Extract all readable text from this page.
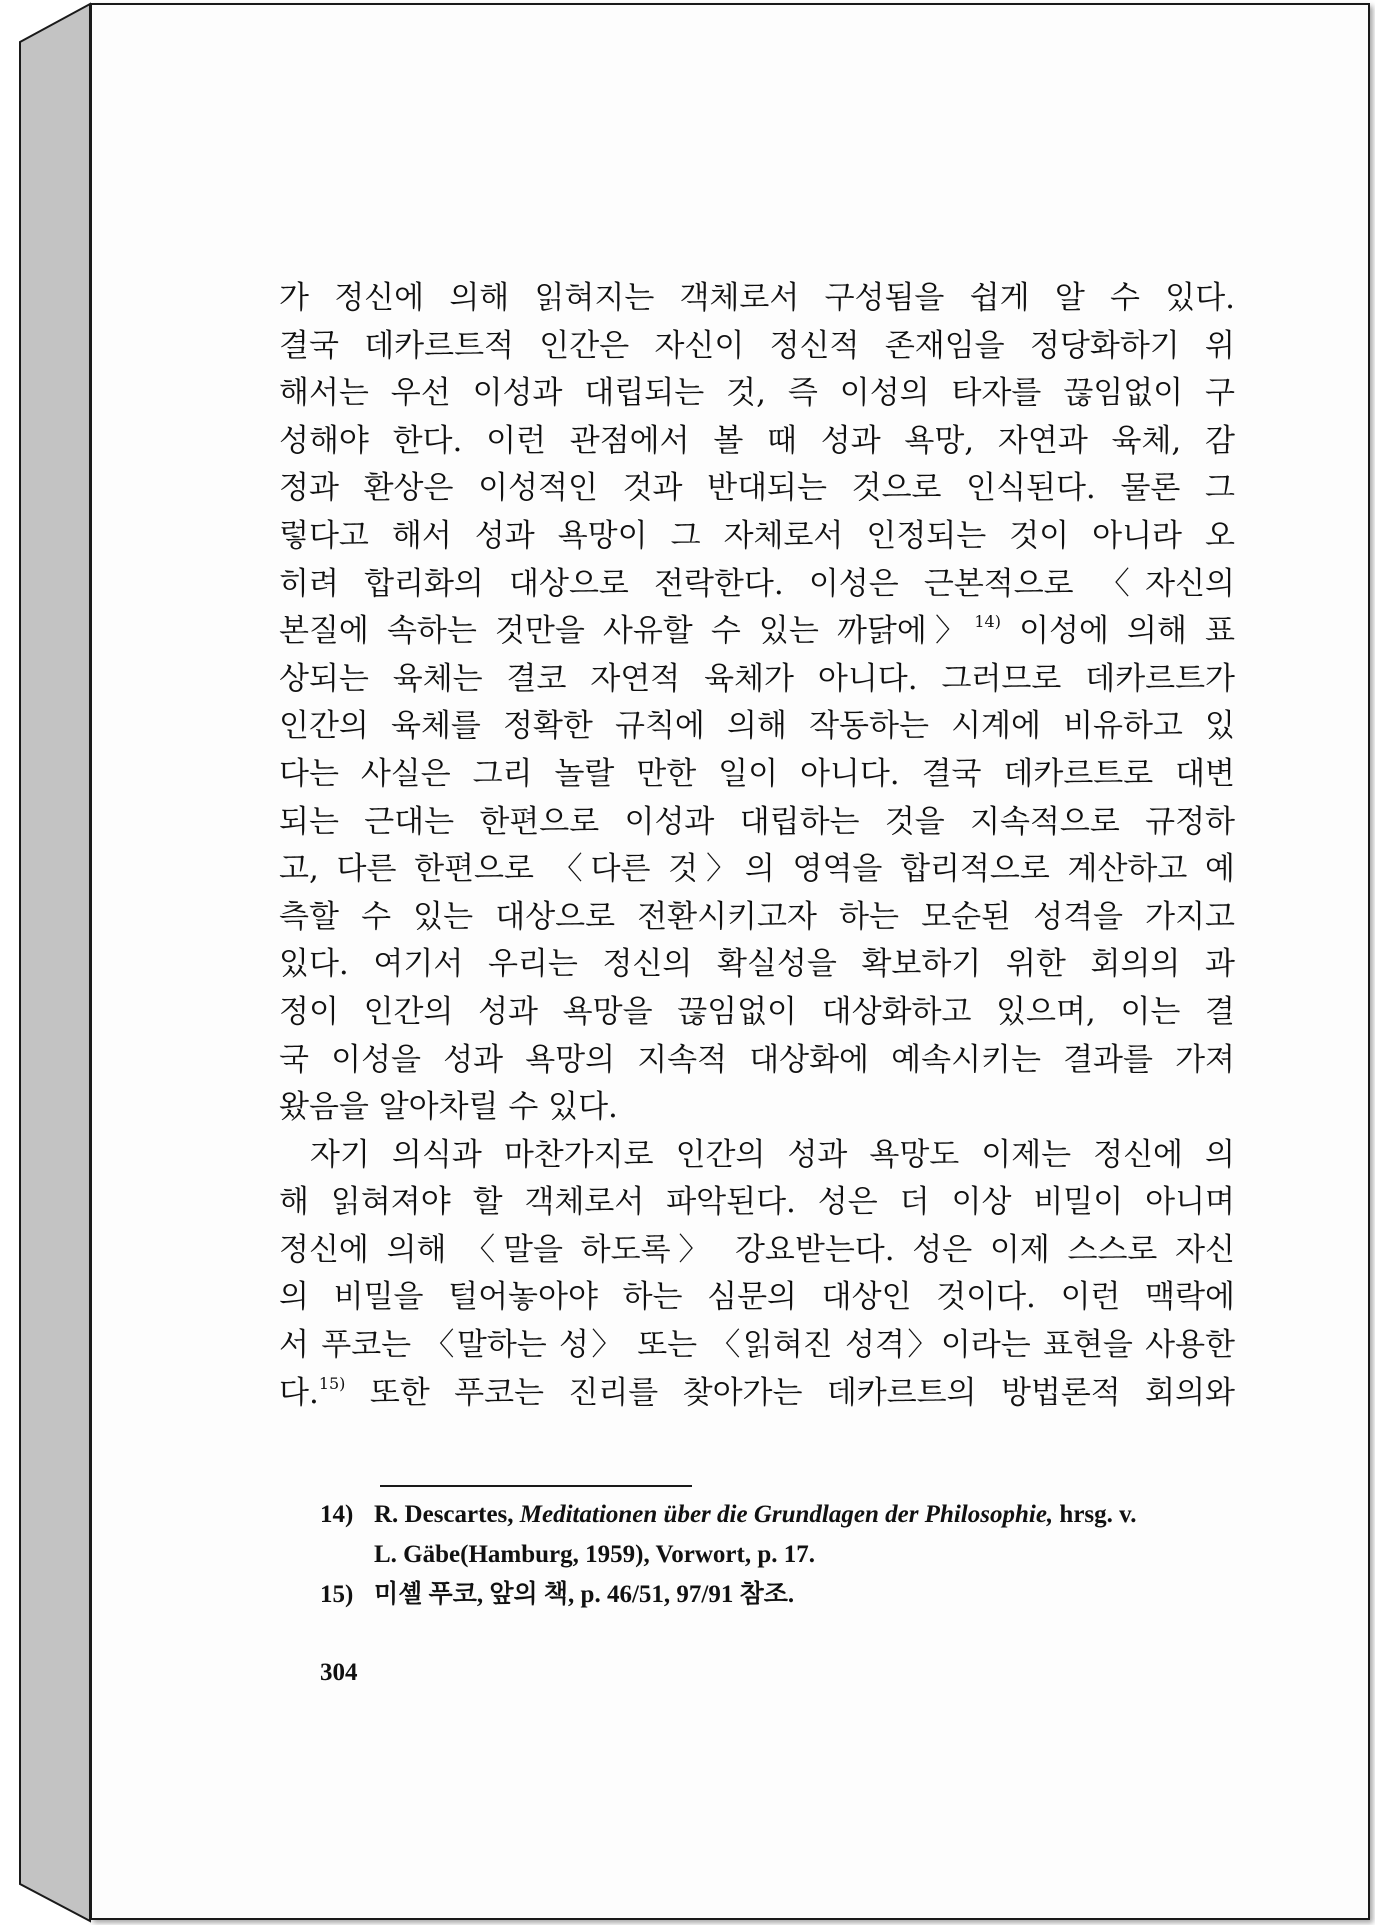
가 정신에 의해 읽혀지는 객체로서 구성됨을 쉽게 알 수 있다.
결국 데카르트적 인간은 자신이 정신적 존재임을 정당화하기 위
해서는 우선 이성과 대립되는 것, 즉 이성의 타자를 끊임없이 구
성해야 한다. 이런 관점에서 볼 때 성과 욕망, 자연과 육체, 감
정과 환상은 이성적인 것과 반대되는 것으로 인식된다. 물론 그
렇다고 해서 성과 욕망이 그 자체로서 인정되는 것이 아니라 오
히려 합리화의 대상으로 전락한다. 이성은 근본적으로 〈자신의
본질에 속하는 것만을 사유할 수 있는 까닭에〉$^{14)}$ 이성에 의해 표
상되는 육체는 결코 자연적 육체가 아니다. 그러므로 데카르트가
인간의 육체를 정확한 규칙에 의해 작동하는 시계에 비유하고 있
다는 사실은 그리 놀랄 만한 일이 아니다. 결국 데카르트로 대변
되는 근대는 한편으로 이성과 대립하는 것을 지속적으로 규정하
고, 다른 한편으로 〈다른 것〉의 영역을 합리적으로 계산하고 예
측할 수 있는 대상으로 전환시키고자 하는 모순된 성격을 가지고
있다. 여기서 우리는 정신의 확실성을 확보하기 위한 회의의 과
정이 인간의 성과 욕망을 끊임없이 대상화하고 있으며, 이는 결
국 이성을 성과 욕망의 지속적 대상화에 예속시키는 결과를 가져
왔음을 알아차릴 수 있다.

자기 의식과 마찬가지로 인간의 성과 욕망도 이제는 정신에 의
해 읽혀져야 할 객체로서 파악된다. 성은 더 이상 비밀이 아니며
정신에 의해 〈말을 하도록〉 강요받는다. 성은 이제 스스로 자신
의 비밀을 털어놓아야 하는 심문의 대상인 것이다. 이런 맥락에
서 푸코는 〈말하는 성〉 또는 〈읽혀진 성격〉이라는 표현을 사용한
다.$^{15)}$ 또한 푸코는 진리를 찾아가는 데카르트의 방법론적 회의와

14) R. Descartes, Meditationen über die Grundlagen der Philosophie, hrsg. v.
L. Gäbe(Hamburg, 1959), Vorwort, p. 17.

15) 미셸 푸코, 앞의 책, p. 46/51, 97/91 참조.

304
